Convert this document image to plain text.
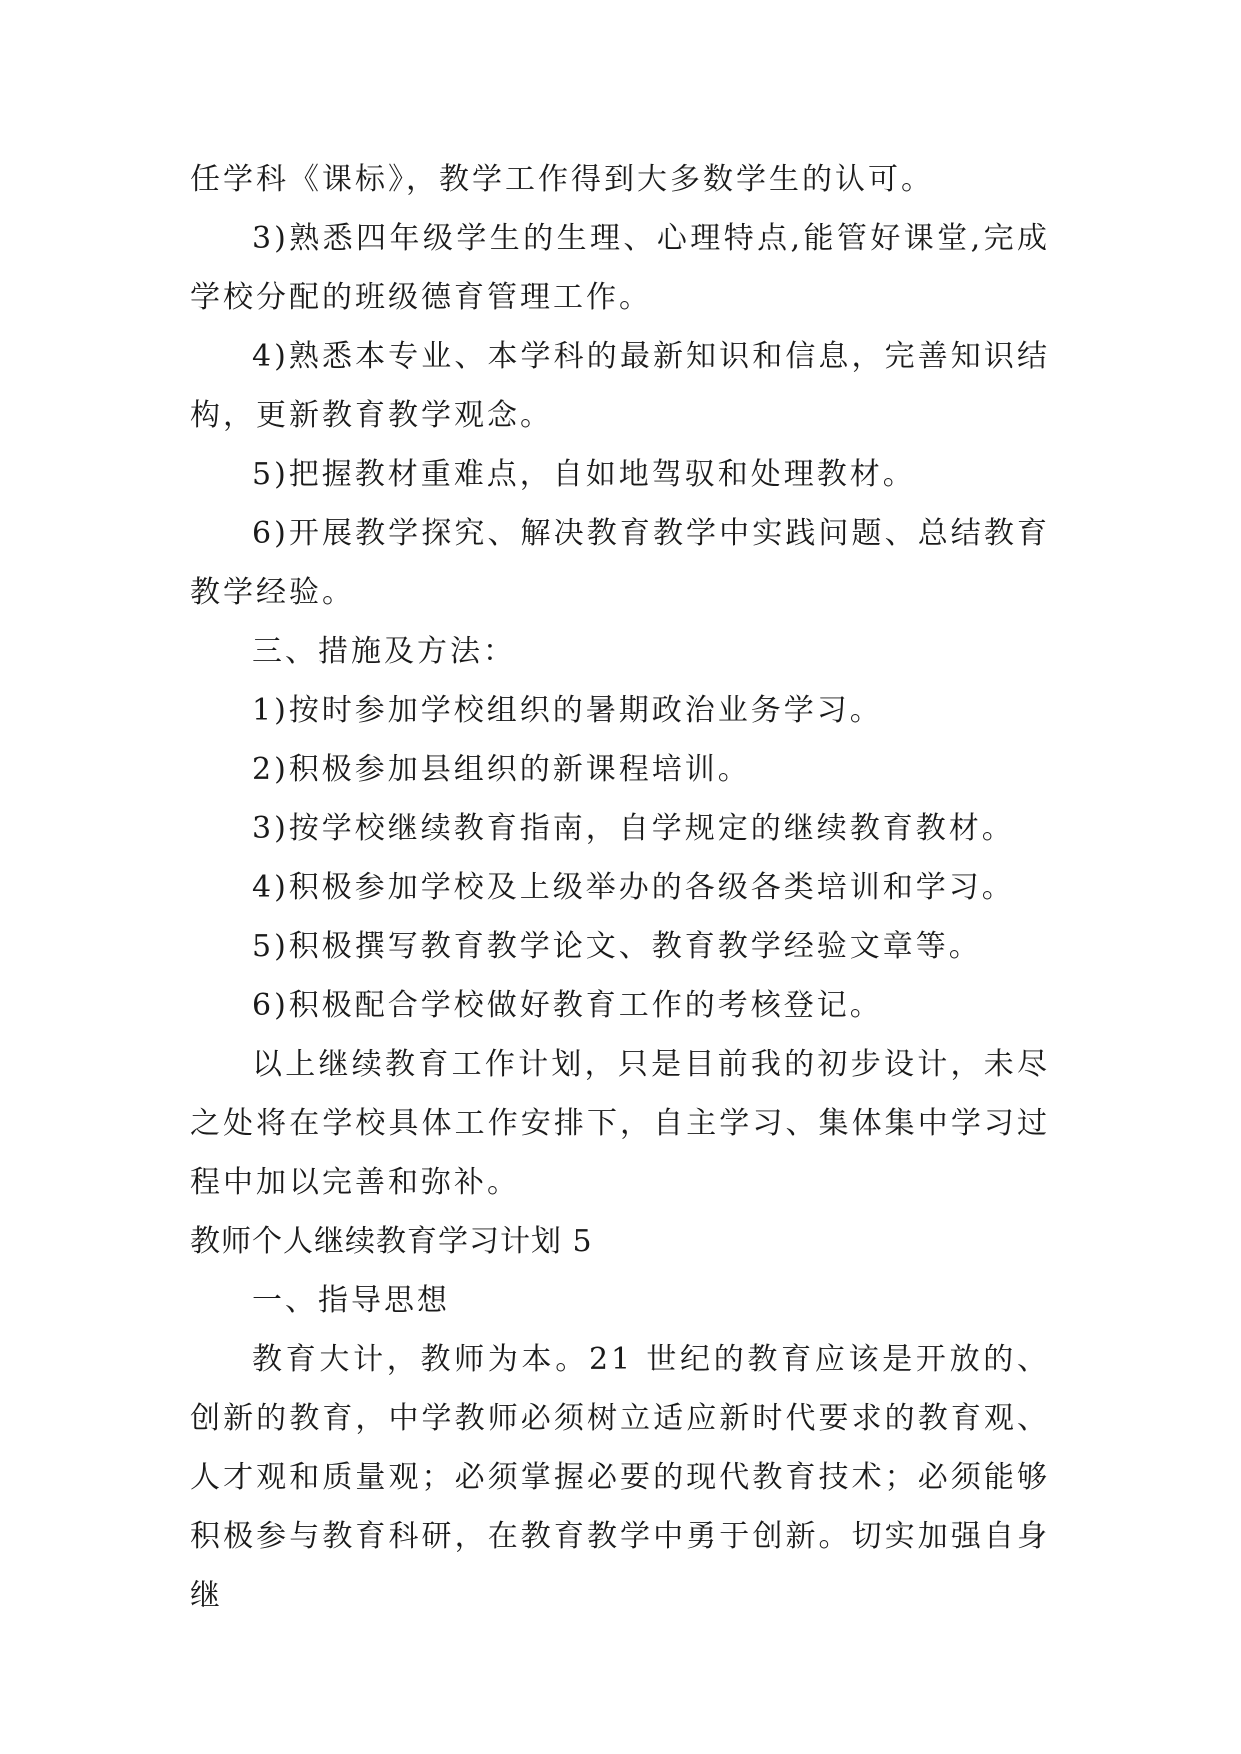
任学科《课标》，教学工作得到大多数学生的认可。

3)熟悉四年级学生的生理、心理特点,能管好课堂,完成学校分配的班级德育管理工作。

4)熟悉本专业、本学科的最新知识和信息，完善知识结构，更新教育教学观念。

5)把握教材重难点，自如地驾驭和处理教材。

6)开展教学探究、解决教育教学中实践问题、总结教育教学经验。

三、措施及方法：

1)按时参加学校组织的暑期政治业务学习。

2)积极参加县组织的新课程培训。

3)按学校继续教育指南，自学规定的继续教育教材。

4)积极参加学校及上级举办的各级各类培训和学习。

5)积极撰写教育教学论文、教育教学经验文章等。

6)积极配合学校做好教育工作的考核登记。

以上继续教育工作计划，只是目前我的初步设计，未尽之处将在学校具体工作安排下，自主学习、集体集中学习过程中加以完善和弥补。

教师个人继续教育学习计划 5

一、指导思想

教育大计，教师为本。21 世纪的教育应该是开放的、创新的教育，中学教师必须树立适应新时代要求的教育观、人才观和质量观；必须掌握必要的现代教育技术；必须能够积极参与教育科研，在教育教学中勇于创新。切实加强自身继
